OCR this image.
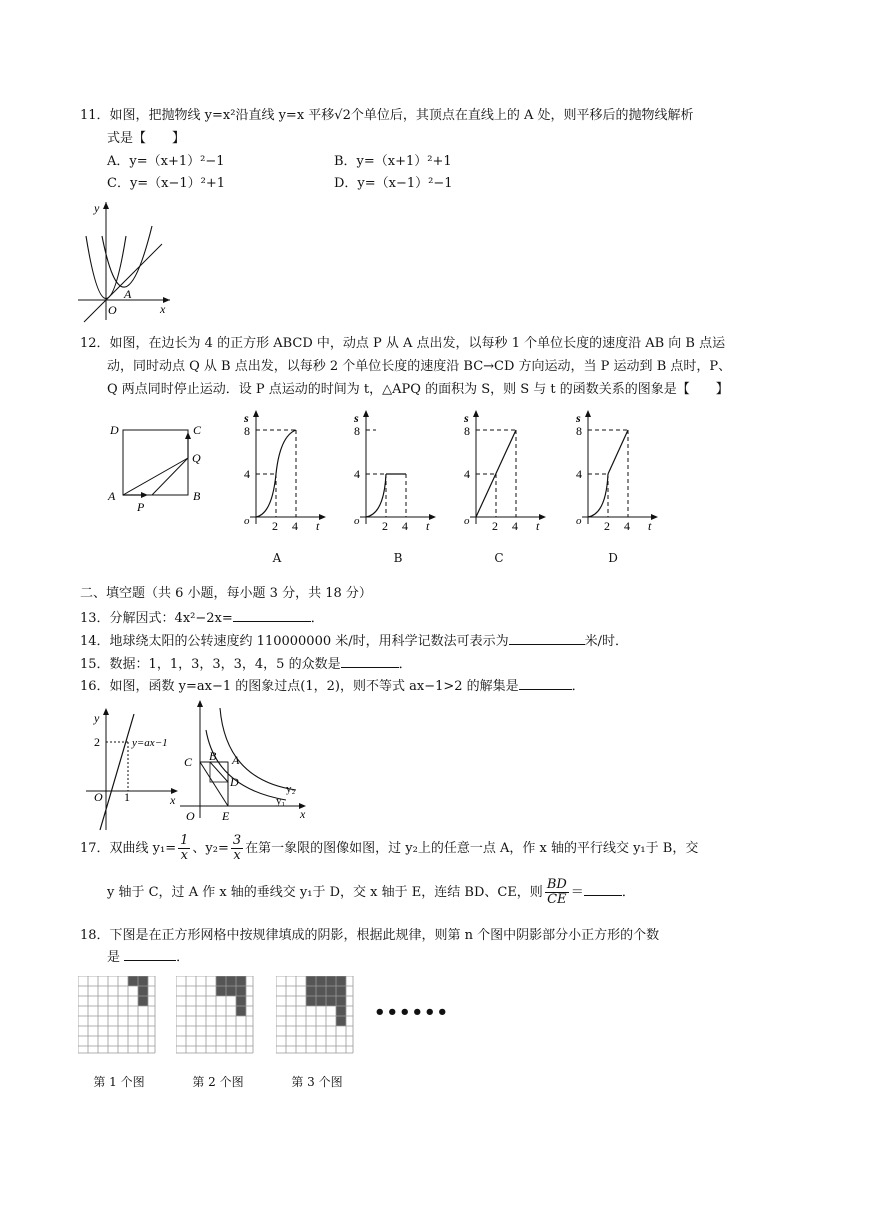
11．如图，把抛物线 y=x²沿直线 y=x 平移√2个单位后，其顶点在直线上的 A 处，则平移后的抛物线解析
式是【　　】
A．y=（x+1）²−1	B．y=（x+1）²+1
C．y=（x−1）²+1	D．y=（x−1）²−1
y
x
O
A
12．如图，在边长为 4 的正方形 ABCD 中，动点 P 从 A 点出发，以每秒 1 个单位长度的速度沿 AB 向 B 点运
动，同时动点 Q 从 B 点出发，以每秒 2 个单位长度的速度沿 BC→CD 方向运动，当 P 运动到 B 点时，P、
Q 两点同时停止运动．设 P 点运动的时间为 t，△APQ 的面积为 S，则 S 与 t 的函数关系的图象是【　　】
D	C
Q
A	B
P
s
8
4
o 2 4 t
s
8
4
o 2 4 t
s
8
4
o 2 4 t
s
8
4
o 2 4 t
A	B	C	D
二、填空题（共 6 小题，每小题 3 分，共 18 分）
13．分解因式：4x²−2x=	．
14．地球绕太阳的公转速度约 110000000 米/时，用科学记数法可表示为	米/时．
15．数据：1，1，3，3，3，4，5 的众数是	．
16．如图，函数 y=ax−1 的图象过点(1，2)，则不等式 ax−1>2 的解集是	．
y
x
2
O 1
y=ax−1
C B A
D
E
O	x
y₂
y₁
17．双曲线 $y_1= \frac{1}{x}$ 、$y_2= \frac{3}{x}$ 在第一象限的图像如图，过 y₂上的任意一点 A，作 x 轴的平行线交 y₁于 B，交
y 轴于 C，过 A 作 x 轴的垂线交 y₁于 D，交 x 轴于 E，连结 BD、CE，则 $\frac{BD}{CE}$ ＝	．
18．下图是在正方形网格中按规律填成的阴影，根据此规律，则第 n 个图中阴影部分小正方形的个数
是	．
••••••
第 1 个图	第 2 个图	第 3 个图
